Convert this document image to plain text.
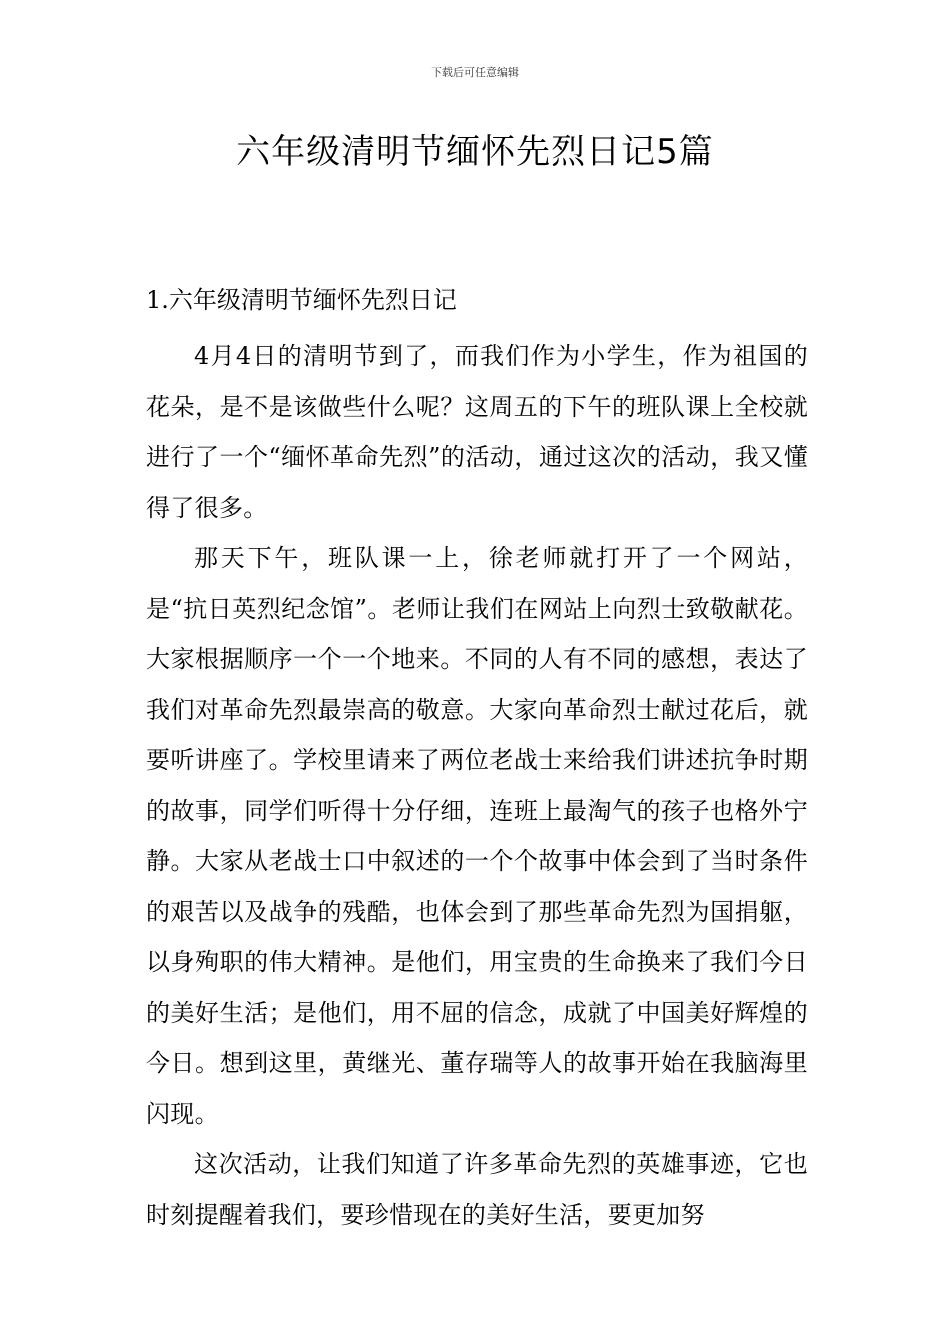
下载后可任意编辑
六年级清明节缅怀先烈日记5篇

1.六年级清明节缅怀先烈日记

4月4日的清明节到了，而我们作为小学生，作为祖国的花朵，是不是该做些什么呢？这周五的下午的班队课上全校就进行了一个“缅怀革命先烈”的活动，通过这次的活动，我又懂得了很多。

那天下午，班队课一上，徐老师就打开了一个网站，是“抗日英烈纪念馆”。老师让我们在网站上向烈士致敬献花。大家根据顺序一个一个地来。不同的人有不同的感想，表达了我们对革命先烈最崇高的敬意。大家向革命烈士献过花后，就要听讲座了。学校里请来了两位老战士来给我们讲述抗争时期的故事，同学们听得十分仔细，连班上最淘气的孩子也格外宁静。大家从老战士口中叙述的一个个故事中体会到了当时条件的艰苦以及战争的残酷，也体会到了那些革命先烈为国捐躯，以身殉职的伟大精神。是他们，用宝贵的生命换来了我们今日的美好生活；是他们，用不屈的信念，成就了中国美好辉煌的今日。想到这里，黄继光、董存瑞等人的故事开始在我脑海里闪现。

这次活动，让我们知道了许多革命先烈的英雄事迹，它也时刻提醒着我们，要珍惜现在的美好生活，要更加努
